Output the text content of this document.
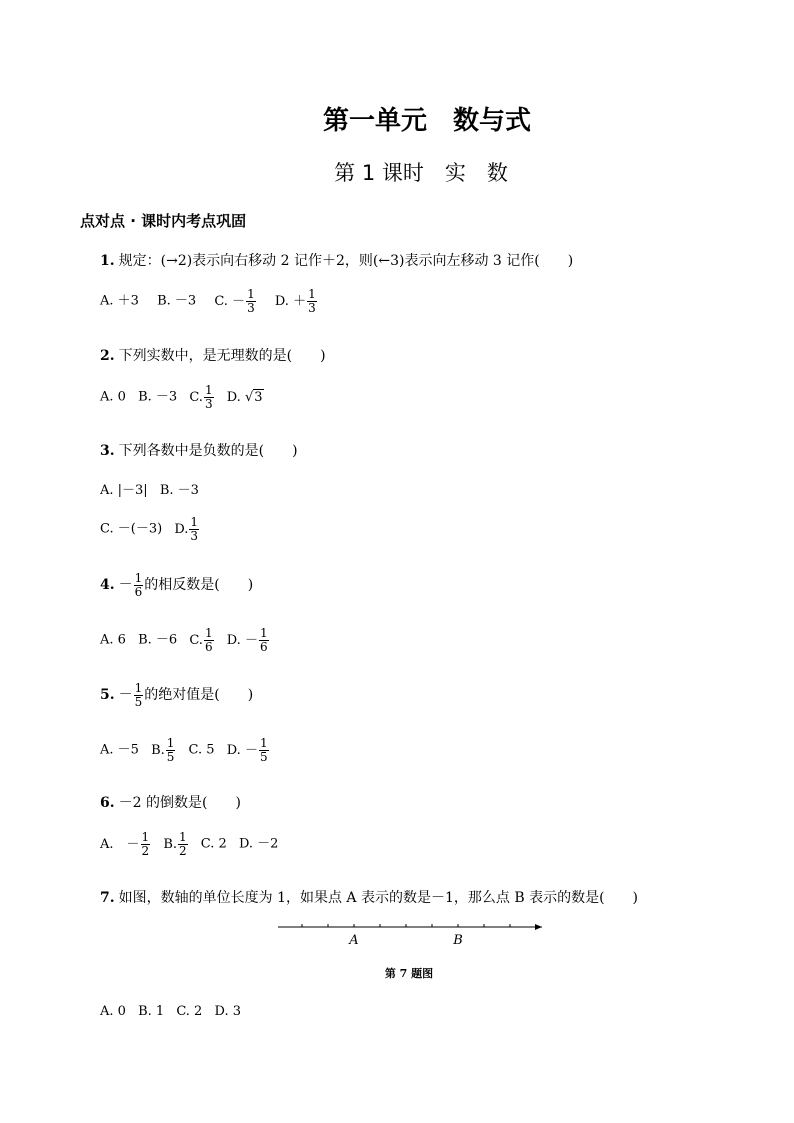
第一单元　数与式
第 1 课时　实　数
点对点 · 课时内考点巩固
1. 规定：(→2)表示向右移动 2 记作＋2，则(←3)表示向左移动 3 记作(　　)
A. ＋3 B. －3 C. － $\frac{1}{3} D$. ＋ $\frac{1}{3}$
2. 下列实数中，是无理数的是(　　)
A. 0 B. －3 C. $\frac{1}{3} D$. √3
3. 下列各数中是负数的是(　　)
A. |－3| B. －3
C. －(－3) D. $\frac{1}{3}$
4. － $\frac{1}{6}$ 的相反数是(　　)
A. 6 B. －6 C. $\frac{1}{6} D$. － $\frac{1}{6}$
5. － $\frac{1}{5}$ 的绝对值是(　　)
A. －5 B. $\frac{1}{5} C$. 5 D. － $\frac{1}{5}$
6. －2 的倒数是(　　)
A.　－ $\frac{1}{2} B$. $\frac{1}{2} C$. 2 D. －2
7. 如图，数轴的单位长度为 1，如果点 A 表示的数是－1，那么点 B 表示的数是(　　)
A	B
第 7 题图
A. 0 B. 1 C. 2 D. 3
